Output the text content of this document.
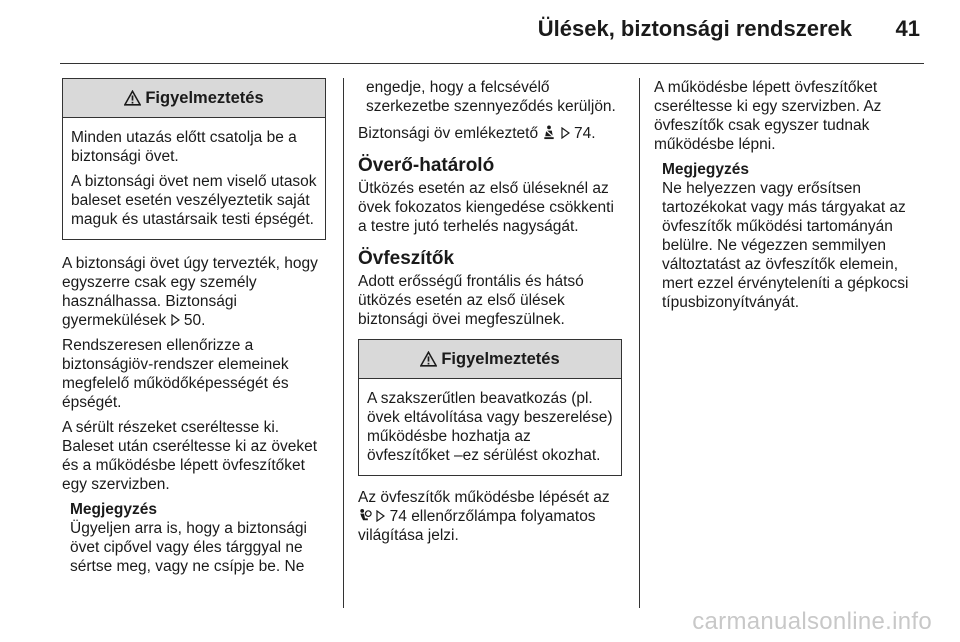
Ülések, biztonsági rendszerek 41
Figyelmeztetés

Minden utazás előtt csatolja be a biztonsági övet.

A biztonsági övet nem viselő utasok baleset esetén veszélyeztetik saját maguk és utastársaik testi épségét.

A biztonsági övet úgy tervezték, hogy egyszerre csak egy személy használhassa. Biztonsági gyermekülések 50.

Rendszeresen ellenőrizze a biztonságiöv-rendszer elemeinek megfelelő működőképességét és épségét.

A sérült részeket cseréltesse ki. Baleset után cseréltesse ki az öveket és a működésbe lépett övfeszítőket egy szervizben.

Megjegyzés
Ügyeljen arra is, hogy a biztonsági övet cipővel vagy éles tárggyal ne sértse meg, vagy ne csípje be. Ne

engedje, hogy a felcsévélő szerkezetbe szennyeződés kerüljön.

Biztonsági öv emlékeztető 74.

Överő-határoló

Ütközés esetén az első üléseknél az övek fokozatos kiengedése csökkenti a testre jutó terhelés nagyságát.

Övfeszítők

Adott erősségű frontális és hátsó ütközés esetén az első ülések biztonsági övei megfeszülnek.

Figyelmeztetés

A szakszerűtlen beavatkozás (pl. övek eltávolítása vagy beszerelése) működésbe hozhatja az övfeszítőket –ez sérülést okozhat.

Az övfeszítők működésbe lépését az   74 ellenőrzőlámpa folyamatos világítása jelzi.

A működésbe lépett övfeszítőket cseréltesse ki egy szervizben. Az övfeszítők csak egyszer tudnak működésbe lépni.

Megjegyzés
Ne helyezzen vagy erősítsen tartozékokat vagy más tárgyakat az övfeszítők működési tartományán belülre. Ne végezzen semmilyen változtatást az övfeszítők elemein, mert ezzel érvényteleníti a gépkocsi típusbizonyítványát.
carmanualsonline.info
